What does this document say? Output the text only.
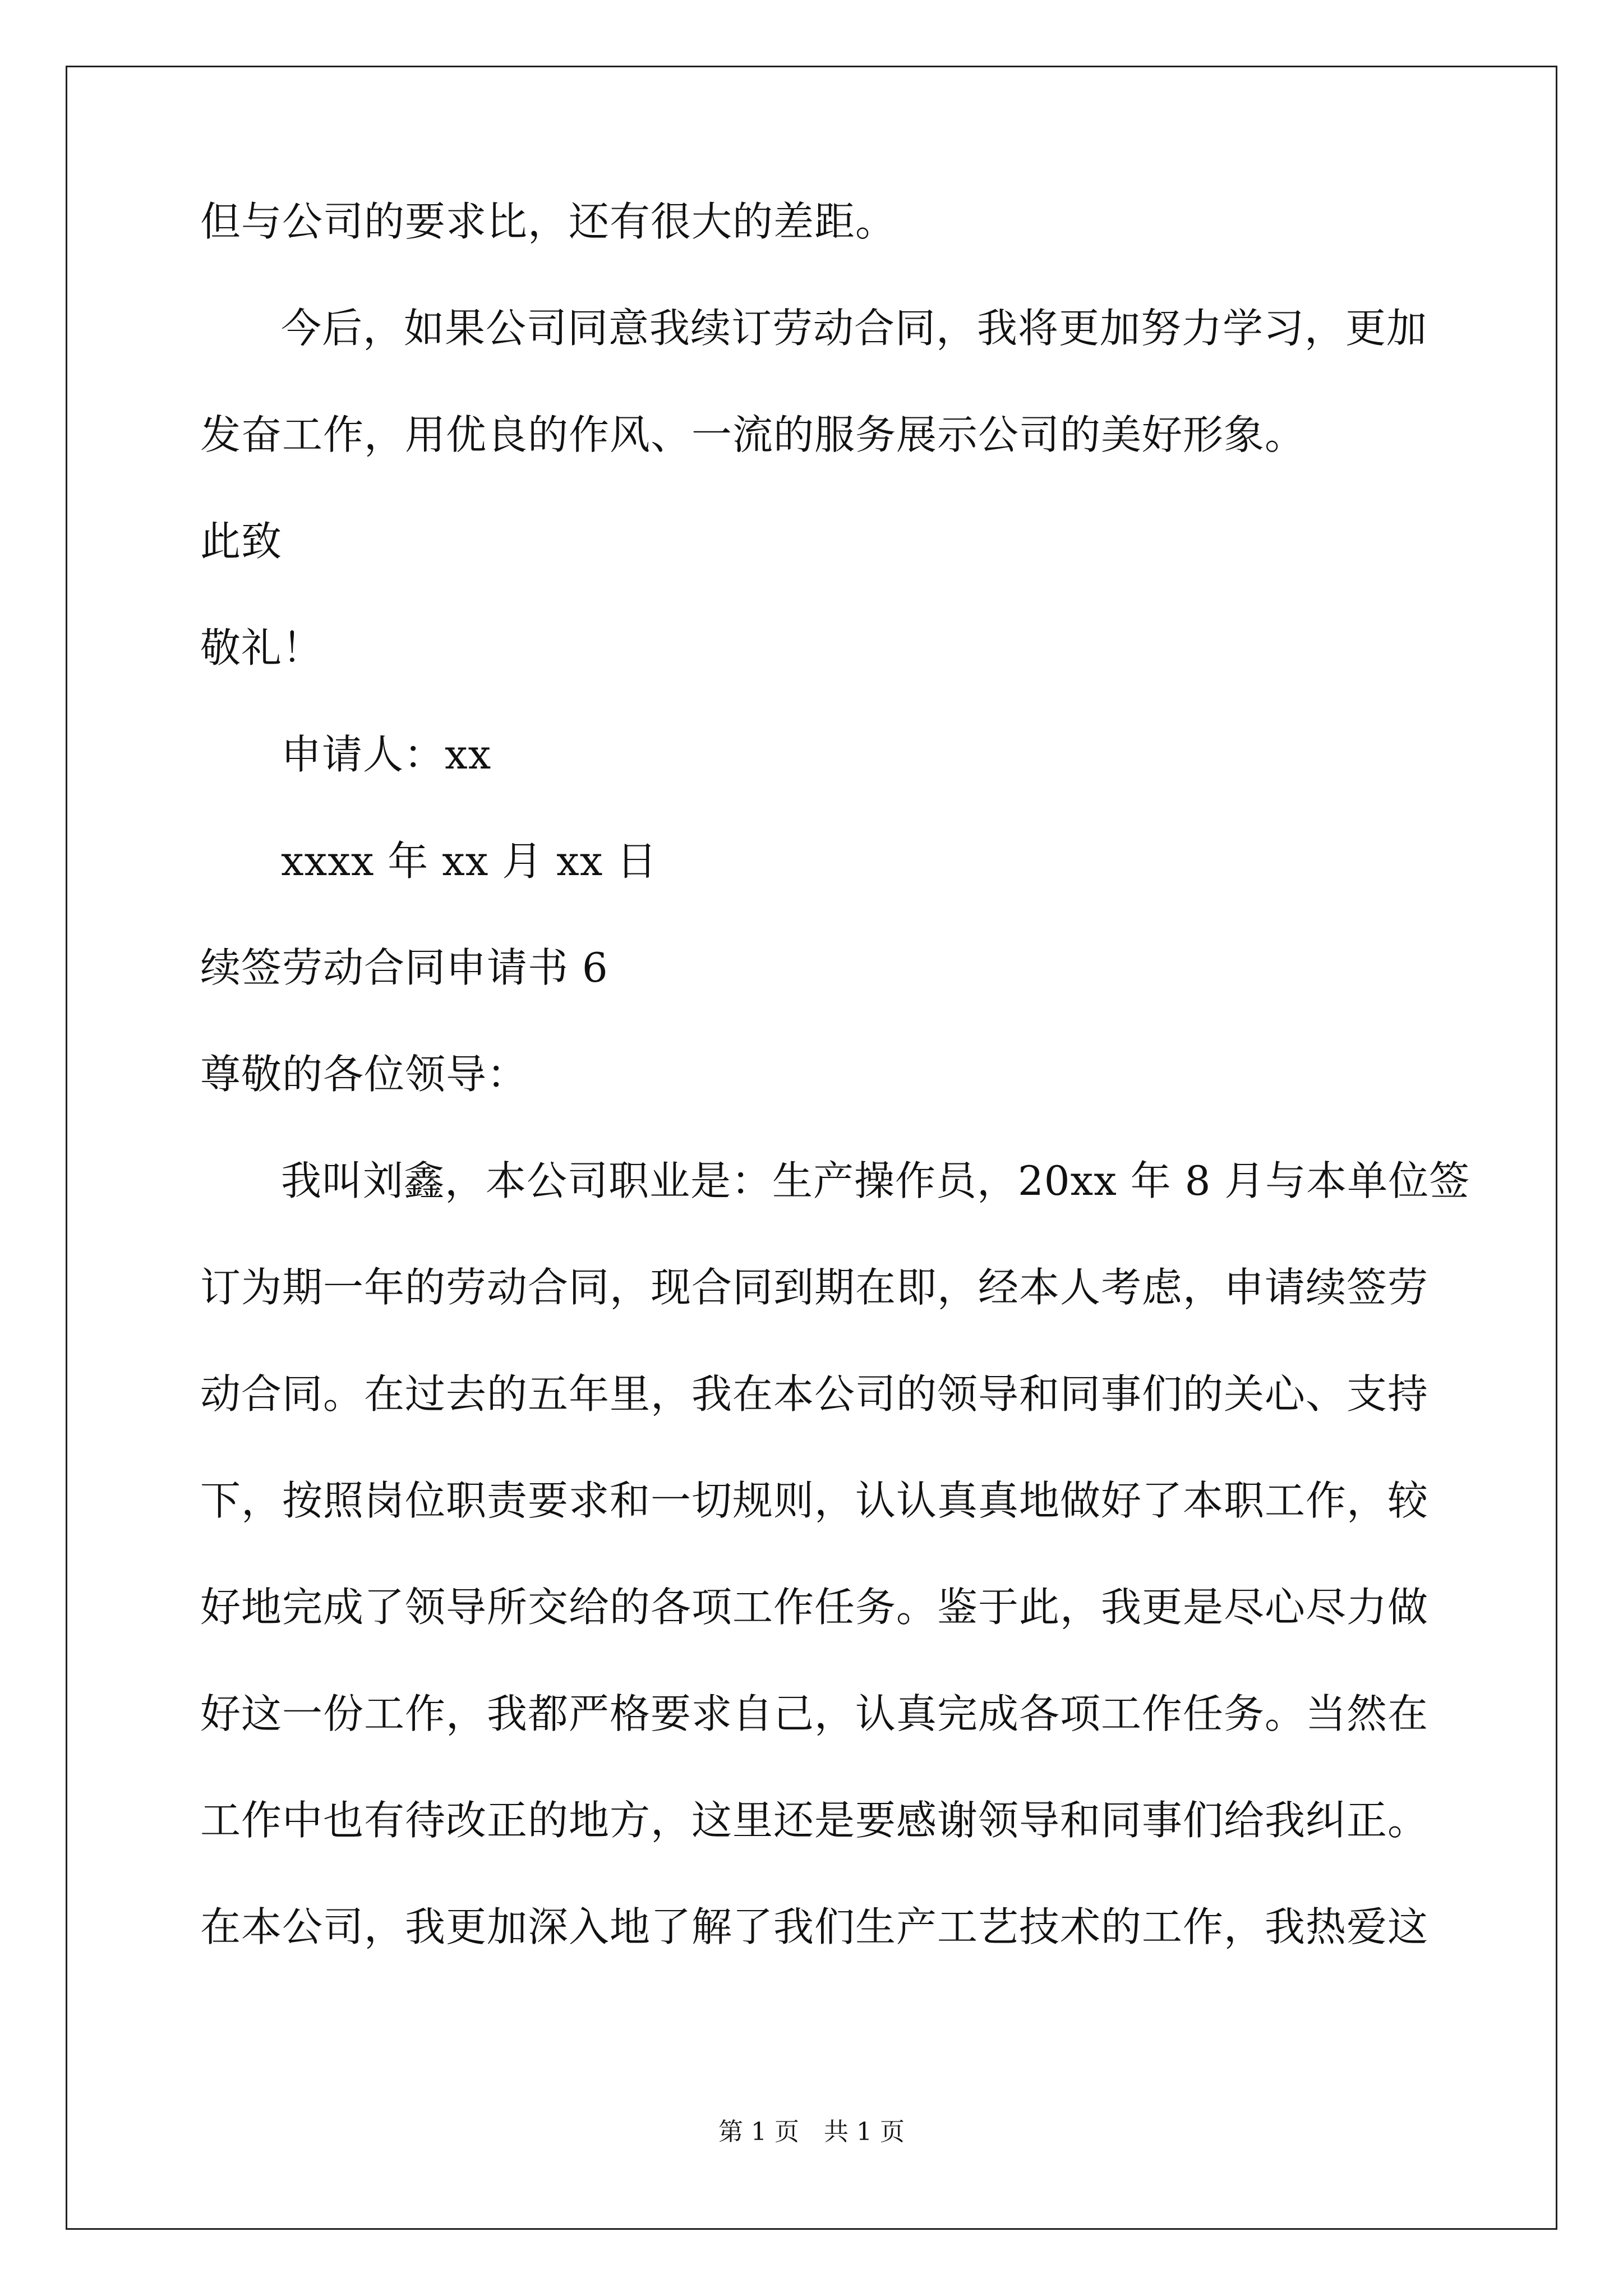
但与公司的要求比，还有很大的差距。
今后，如果公司同意我续订劳动合同，我将更加努力学习，更加
发奋工作，用优良的作风、一流的服务展示公司的美好形象。
此致
敬礼！
申请人：xx
xxxx 年 xx 月 xx 日
续签劳动合同申请书 6
尊敬的各位领导：
我叫刘鑫，本公司职业是：生产操作员，20xx 年 8 月与本单位签
订为期一年的劳动合同，现合同到期在即，经本人考虑，申请续签劳
动合同。在过去的五年里，我在本公司的领导和同事们的关心、支持
下，按照岗位职责要求和一切规则，认认真真地做好了本职工作，较
好地完成了领导所交给的各项工作任务。鉴于此，我更是尽心尽力做
好这一份工作，我都严格要求自己，认真完成各项工作任务。当然在
工作中也有待改正的地方，这里还是要感谢领导和同事们给我纠正。
在本公司，我更加深入地了解了我们生产工艺技术的工作，我热爱这
第 1 页　共 1 页
